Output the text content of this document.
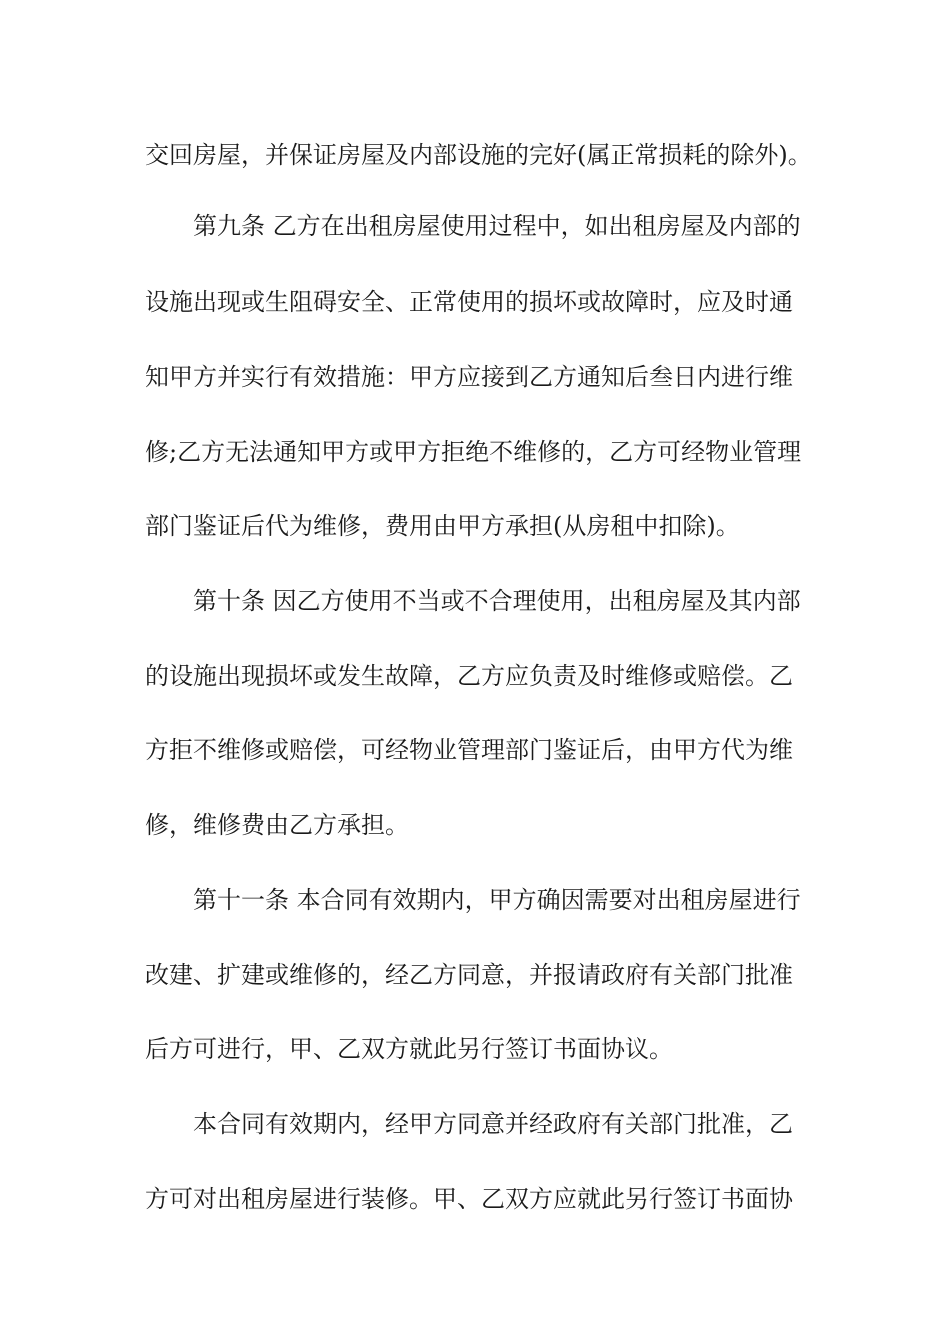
交回房屋，并保证房屋及内部设施的完好(属正常损耗的除外)。
第九条 乙方在出租房屋使用过程中，如出租房屋及内部的
设施出现或生阻碍安全、正常使用的损坏或故障时，应及时通
知甲方并实行有效措施：甲方应接到乙方通知后叁日内进行维
修;乙方无法通知甲方或甲方拒绝不维修的，乙方可经物业管理
部门鉴证后代为维修，费用由甲方承担(从房租中扣除)。
第十条 因乙方使用不当或不合理使用，出租房屋及其内部
的设施出现损坏或发生故障，乙方应负责及时维修或赔偿。乙
方拒不维修或赔偿，可经物业管理部门鉴证后，由甲方代为维
修，维修费由乙方承担。
第十一条 本合同有效期内，甲方确因需要对出租房屋进行
改建、扩建或维修的，经乙方同意，并报请政府有关部门批准
后方可进行，甲、乙双方就此另行签订书面协议。
本合同有效期内，经甲方同意并经政府有关部门批准，乙
方可对出租房屋进行装修。甲、乙双方应就此另行签订书面协
